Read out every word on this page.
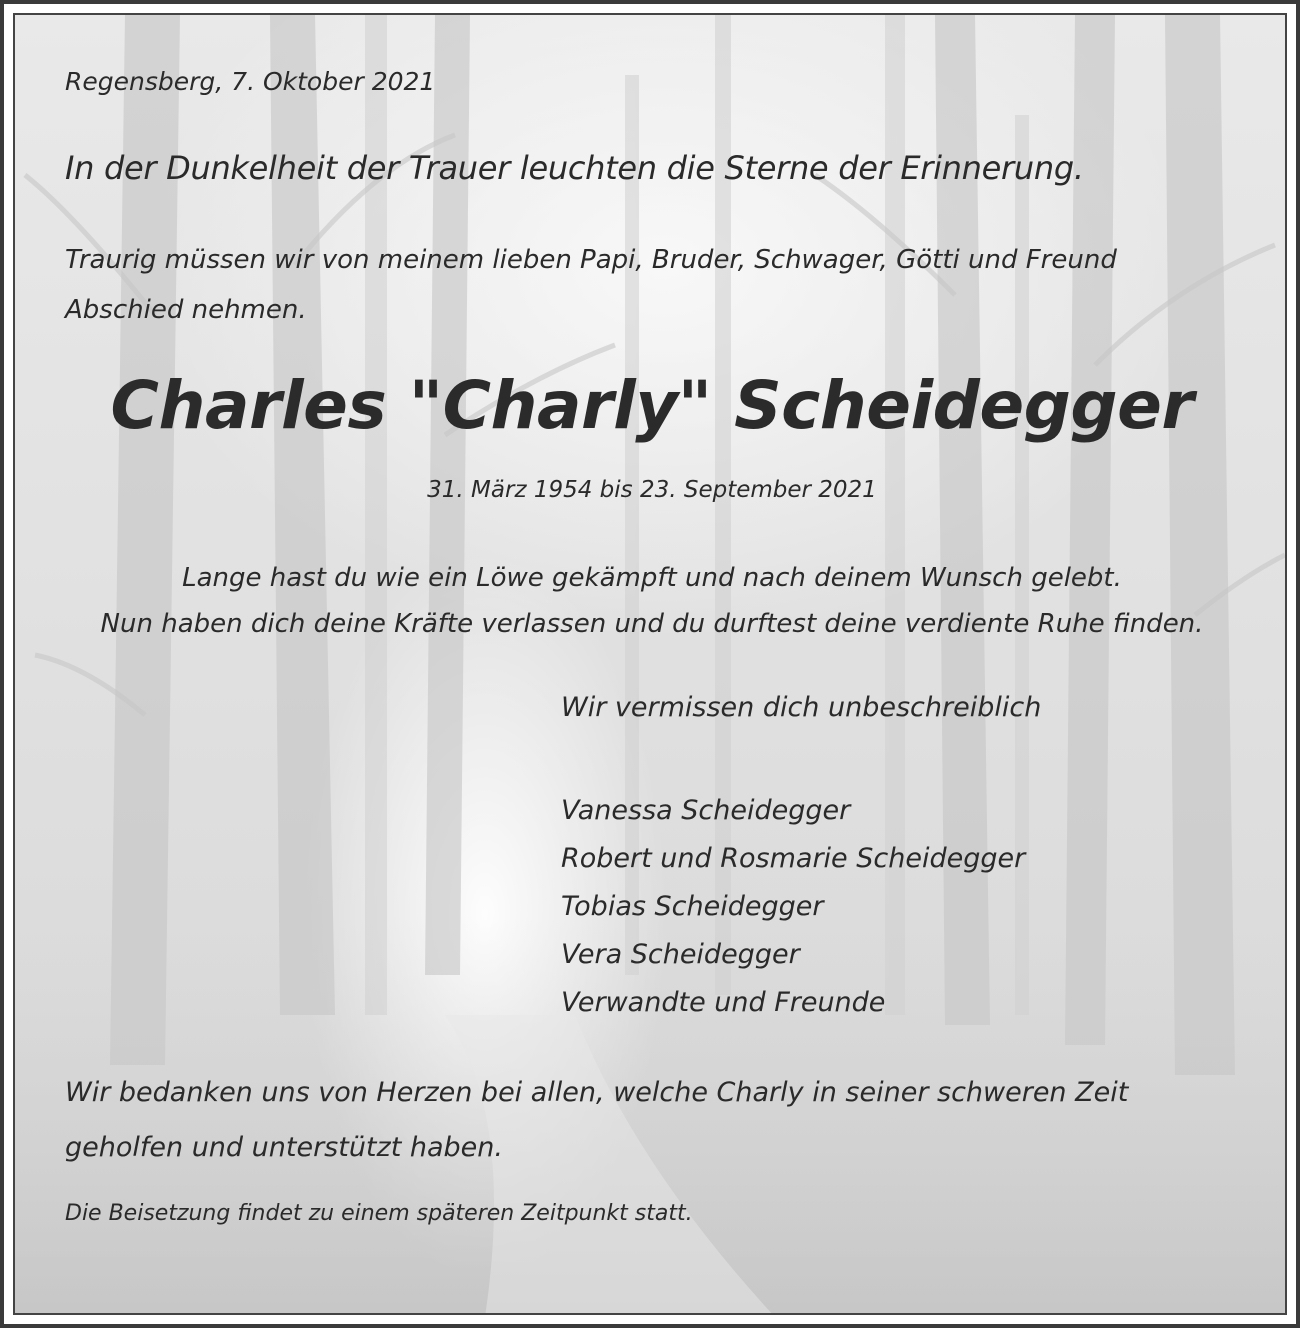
Regensberg, 7. Oktober 2021

In der Dunkelheit der Trauer leuchten die Sterne der Erinnerung.

Traurig müssen wir von meinem lieben Papi, Bruder, Schwager, Götti und Freund Abschied nehmen.

Charles "Charly" Scheidegger

31. März 1954 bis 23. September 2021

Lange hast du wie ein Löwe gekämpft und nach deinem Wunsch gelebt.
Nun haben dich deine Kräfte verlassen und du durftest deine verdiente Ruhe finden.

Wir vermissen dich unbeschreiblich

Vanessa Scheidegger
Robert und Rosmarie Scheidegger
Tobias Scheidegger
Vera Scheidegger
Verwandte und Freunde

Wir bedanken uns von Herzen bei allen, welche Charly in seiner schweren Zeit geholfen und unterstützt haben.

Die Beisetzung findet zu einem späteren Zeitpunkt statt.
